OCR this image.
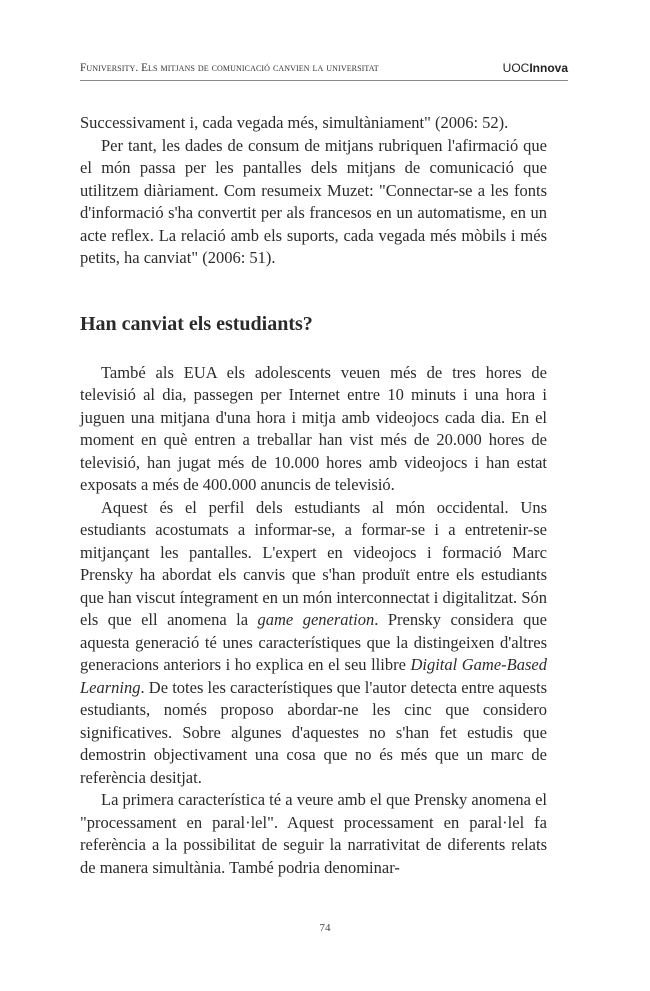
Funiversity. Els mitjans de comunicació canvien la universitat	UOCInnova

Successivament i, cada vegada més, simultàniament" (2006: 52).

Per tant, les dades de consum de mitjans rubriquen l'afirmació que el món passa per les pantalles dels mitjans de comunicació que utilitzem diàriament. Com resumeix Muzet: "Connectar-se a les fonts d'informació s'ha convertit per als francesos en un automatisme, en un acte reflex. La relació amb els suports, cada vegada més mòbils i més petits, ha canviat" (2006: 51).

Han canviat els estudiants?

També als EUA els adolescents veuen més de tres hores de televisió al dia, passegen per Internet entre 10 minuts i una hora i juguen una mitjana d'una hora i mitja amb videojocs cada dia. En el moment en què entren a treballar han vist més de 20.000 hores de televisió, han jugat més de 10.000 hores amb videojocs i han estat exposats a més de 400.000 anuncis de televisió.

Aquest és el perfil dels estudiants al món occidental. Uns estudiants acostumats a informar-se, a formar-se i a entretenir-se mitjançant les pantalles. L'expert en videojocs i formació Marc Prensky ha abordat els canvis que s'han produït entre els estudiants que han viscut íntegrament en un món interconnectat i digitalitzat. Són els que ell anomena la game generation. Prensky considera que aquesta generació té unes característiques que la distingeixen d'altres generacions anteriors i ho explica en el seu llibre Digital Game-Based Learning. De totes les característiques que l'autor detecta entre aquests estudiants, només proposo abordar-ne les cinc que considero significatives. Sobre algunes d'aquestes no s'han fet estudis que demostrin objectivament una cosa que no és més que un marc de referència desitjat.

La primera característica té a veure amb el que Prensky anomena el "processament en paral·lel". Aquest processament en paral·lel fa referència a la possibilitat de seguir la narrativitat de diferents relats de manera simultània. També podria denominar-

74
